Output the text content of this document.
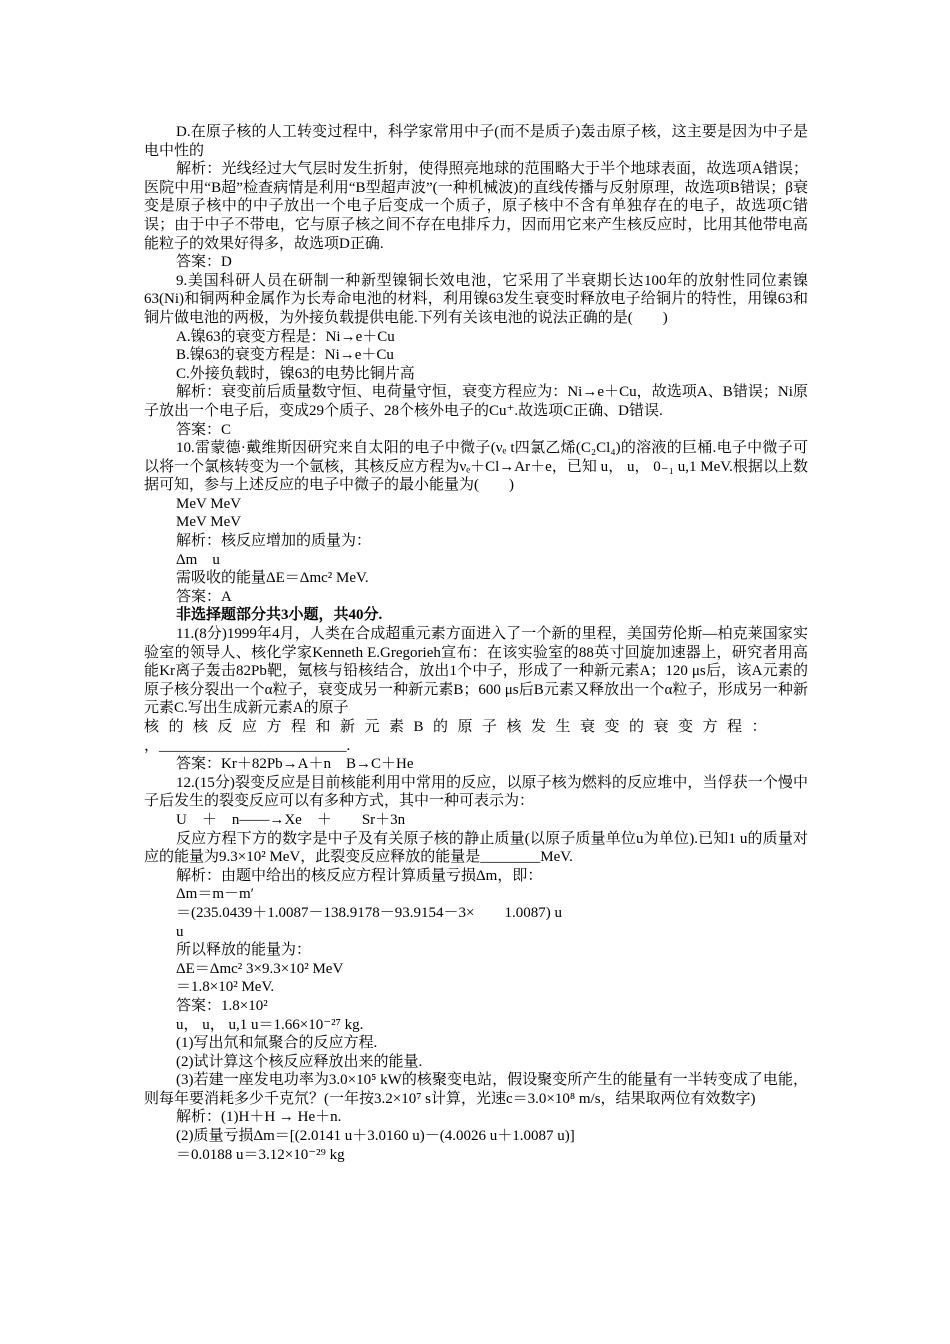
D.在原子核的人工转变过程中，科学家常用中子(而不是质子)轰击原子核，这主要是因为中子是电中性的

解析：光线经过大气层时发生折射，使得照亮地球的范围略大于半个地球表面，故选项A错误；医院中用“B超”检查病情是利用“B型超声波”(一种机械波)的直线传播与反射原理，故选项B错误；β衰变是原子核中的中子放出一个电子后变成一个质子，原子核中不含有单独存在的电子，故选项C错误；由于中子不带电，它与原子核之间不存在电排斥力，因而用它来产生核反应时，比用其他带电高能粒子的效果好得多，故选项D正确.

答案：D

9.美国科研人员在研制一种新型镍铜长效电池，它采用了半衰期长达100年的放射性同位素镍63(Ni)和铜两种金属作为长寿命电池的材料，利用镍63发生衰变时释放电子给铜片的特性，用镍63和铜片做电池的两极，为外接负载提供电能.下列有关该电池的说法正确的是(　　)

A.镍63的衰变方程是：Ni→e＋Cu

B.镍63的衰变方程是：Ni→e＋Cu

C.外接负载时，镍63的电势比铜片高

解析：衰变前后质量数守恒、电荷量守恒，衰变方程应为：Ni→e＋Cu，故选项A、B错误；Ni原子放出一个电子后，变成29个质子、28个核外电子的Cu⁺.故选项C正确、D错误.

答案：C

10.雷蒙德·戴维斯因研究来自太阳的电子中微子(νₑ t四氯乙烯(C₂Cl₄)的溶液的巨桶.电子中微子可以将一个氯核转变为一个氩核，其核反应方程为νₑ＋Cl→Ar＋e，已知 u， u， 0₋₁ u,1 MeV.根据以上数据可知，参与上述反应的电子中微子的最小能量为(　　)

MeV MeV

MeV MeV

解析：核反应增加的质量为：

Δm　u

需吸收的能量ΔE＝Δmc² MeV.

答案：A

非选择题部分共3小题，共40分.

11.(8分)1999年4月，人类在合成超重元素方面进入了一个新的里程，美国劳伦斯—柏克莱国家实验室的领导人、核化学家Kenneth E.Gregorieh宣布：在该实验室的88英寸回旋加速器上，研究者用高能Kr离子轰击82Pb靶，氪核与铅核结合，放出1个中子，形成了一种新元素A；120 μs后，该A元素的原子核分裂出一个α粒子，衰变成另一种新元素B；600 μs后B元素又释放出一个α粒子，形成另一种新元素C.写出生成新元素A的原子

核的核反应方程和新元素B的原子核发生衰变的衰变方程：

，_________________________.

答案：Kr＋82Pb→A＋n　B→C＋He

12.(15分)裂变反应是目前核能利用中常用的反应，以原子核为燃料的反应堆中，当俘获一个慢中子后发生的裂变反应可以有多种方式，其中一种可表示为：

U　＋　n——→Xe　＋　　Sr＋3n

反应方程下方的数字是中子及有关原子核的静止质量(以原子质量单位u为单位).已知1 u的质量对应的能量为9.3×10² MeV，此裂变反应释放的能量是________MeV.

解析：由题中给出的核反应方程计算质量亏损Δm，即：

Δm＝m－m′

＝(235.0439＋1.0087－138.9178－93.9154－3×　　1.0087) u

u

所以释放的能量为：

ΔE＝Δmc² 3×9.3×10² MeV

＝1.8×10² MeV.

答案：1.8×10²

u， u， u,1 u＝1.66×10⁻²⁷ kg.

(1)写出氘和氚聚合的反应方程.

(2)试计算这个核反应释放出来的能量.

(3)若建一座发电功率为3.0×10⁵ kW的核聚变电站，假设聚变所产生的能量有一半转变成了电能，则每年要消耗多少千克氘？(一年按3.2×10⁷ s计算，光速c＝3.0×10⁸ m/s，结果取两位有效数字)

解析：(1)H＋H → He＋n.

(2)质量亏损Δm＝[(2.0141 u＋3.0160 u)－(4.0026 u＋1.0087 u)]

＝0.0188 u＝3.12×10⁻²⁹ kg
